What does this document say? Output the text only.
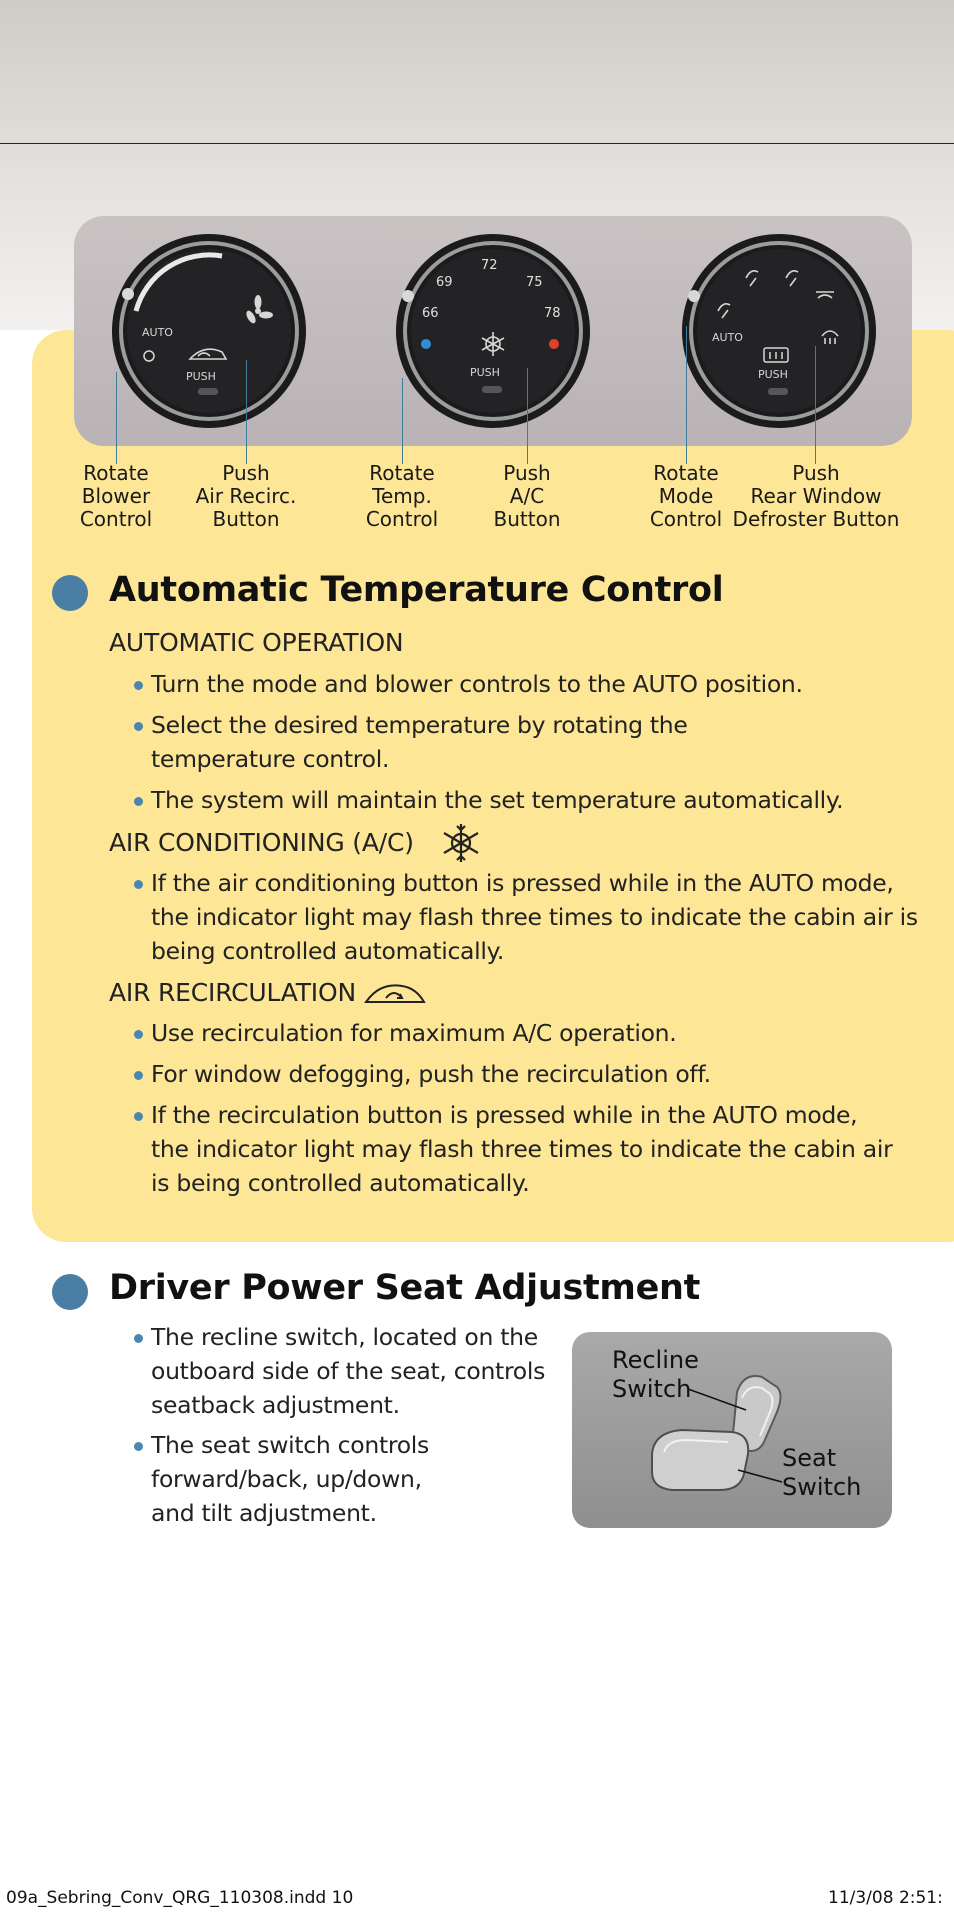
AUTO
PUSH
66
69
72
75
78
PUSH
AUTO
PUSH
Rotate
Blower
Control
Push
Air Recirc.
Button
Rotate
Temp.
Control
Push
A/C
Button
Rotate
Mode
Control
Push
Rear Window
Defroster Button
Automatic Temperature Control
AUTOMATIC OPERATION
Turn the mode and blower controls to the AUTO position.
Select the desired temperature by rotating the
temperature control.
The system will maintain the set temperature automatically.
AIR CONDITIONING (A/C)
If the air conditioning button is pressed while in the AUTO mode,
the indicator light may flash three times to indicate the cabin air is
being controlled automatically.
AIR RECIRCULATION
Use recirculation for maximum A/C operation.
For window defogging, push the recirculation off.
If the recirculation button is pressed while in the AUTO mode,
the indicator light may flash three times to indicate the cabin air
is being controlled automatically.
Driver Power Seat Adjustment
The recline switch, located on the
outboard side of the seat, controls
seatback adjustment.
The seat switch controls
forward/back, up/down,
and tilt adjustment.
Recline
Switch
Seat
Switch
09a_Sebring_Conv_QRG_110308.indd 10	11/3/08 2:51:
